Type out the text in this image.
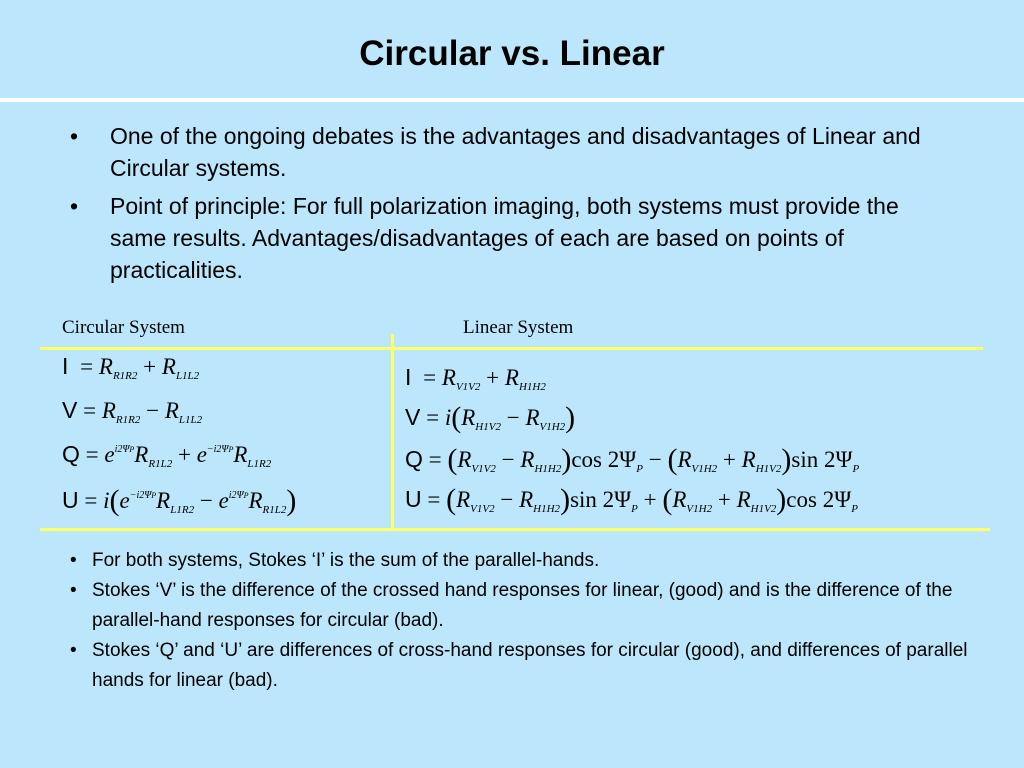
Circular vs. Linear
• One of the ongoing debates is the advantages and disadvantages of Linear and Circular systems.
• Point of principle: For full polarization imaging, both systems must provide the same results. Advantages/disadvantages of each are based on points of practicalities.
Circular System	Linear System
$I = R_{R1R2} + R_{L1L2}$
$V = R_{R1R2} - R_{L1L2}$
$Q = e^{i2\Psi P}R_{R1L2} + e^{-i2\Psi P}R_{L1R2}$
$U = i(e^{-i2\Psi P}R_{L1R2} - e^{i2\Psi P}R_{R1L2})$
$I = R_{V1V2} + R_{H1H2}$
$V = i(R_{H1V2} - R_{V1H2})$
$Q = (R_{V1V2} - R_{H1H2})\cos$ $2\Psi_P - (R_{V1H2} + R_{H1V2})\sin$ $2\Psi_P$
$U = (R_{V1V2} - R_{H1H2})\sin$ $2\Psi_P + (R_{V1H2} + R_{H1V2})\cos$ $2\Psi_P$
• For both systems, Stokes ‘I’ is the sum of the parallel-hands.
• Stokes ‘V’ is the difference of the crossed hand responses for linear, (good) and is the difference of the parallel-hand responses for circular (bad).
• Stokes ‘Q’ and ‘U’ are differences of cross-hand responses for circular (good), and differences of parallel hands for linear (bad).
